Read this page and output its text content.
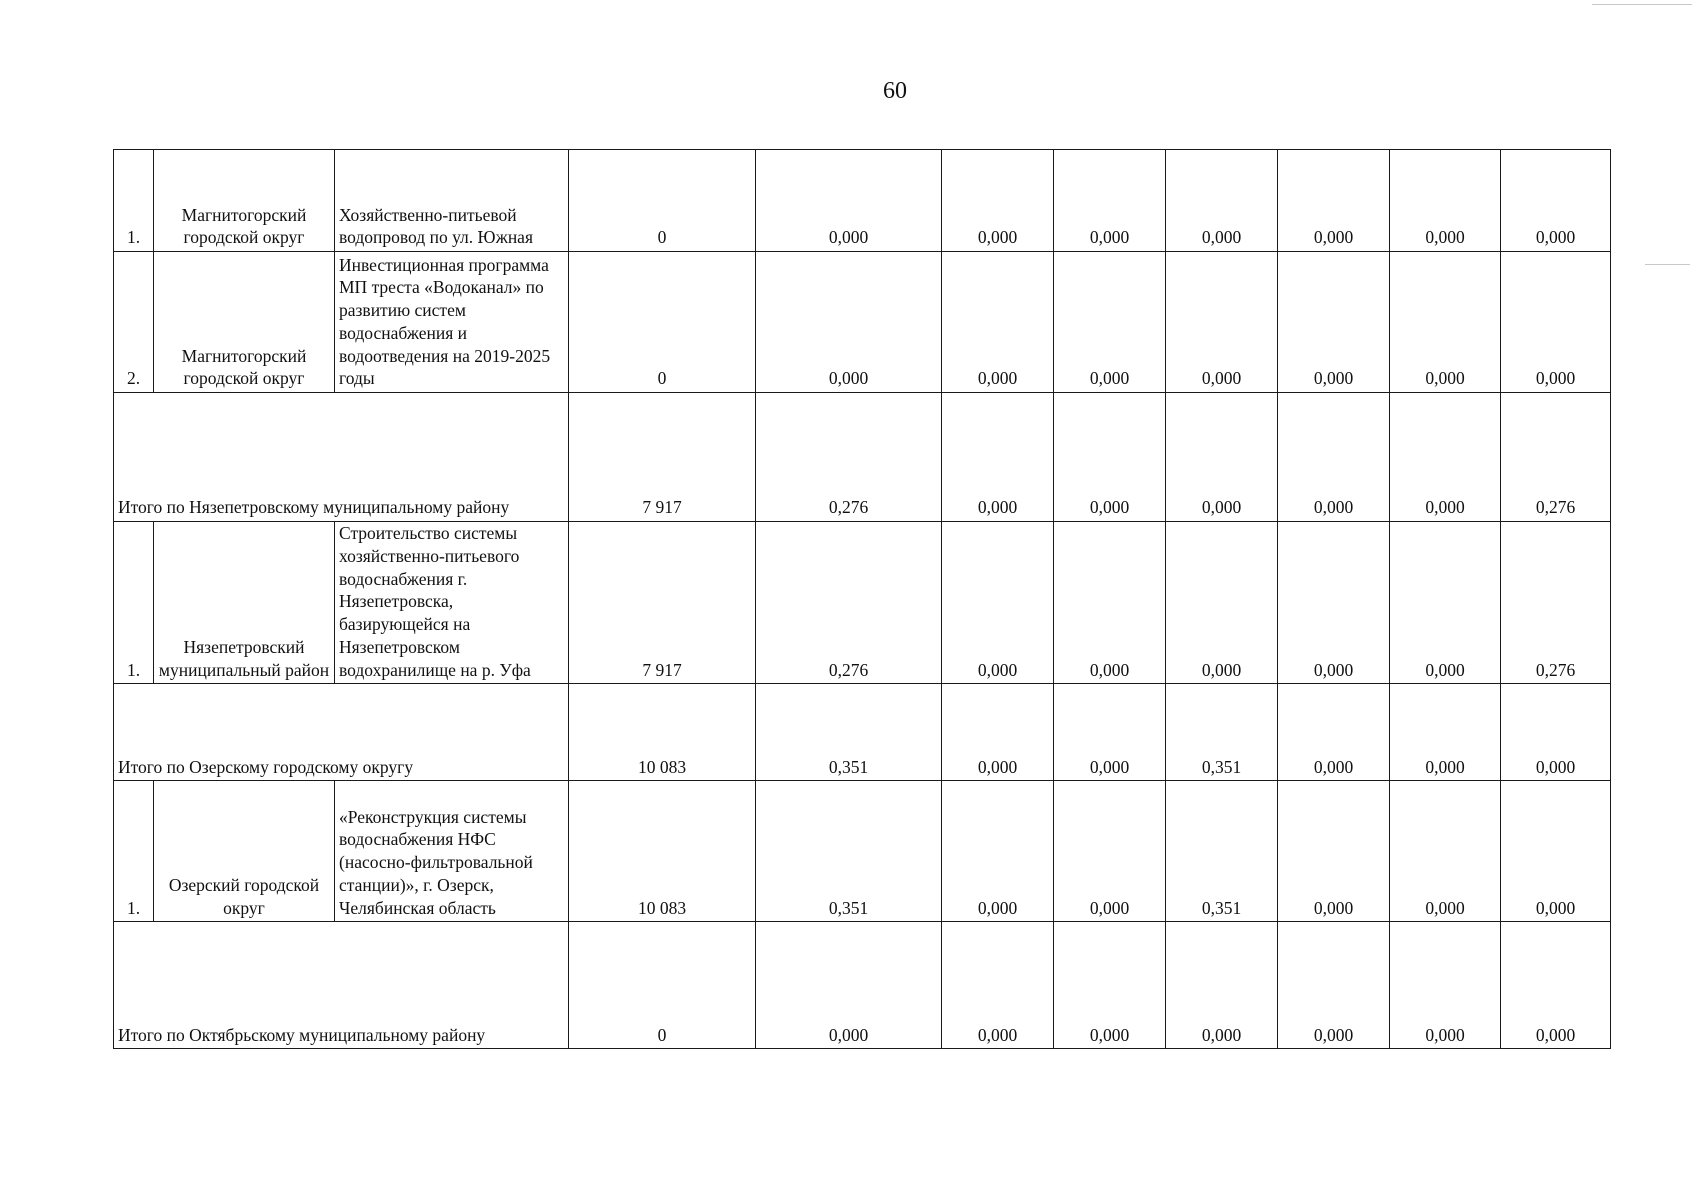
60
1.	Магнитогорский городской округ	Хозяйственно-питьевой водопровод по ул. Южная	0	0,000	0,000	0,000	0,000	0,000	0,000	0,000
2.	Магнитогорский городской округ	Инвестиционная программа МП треста «Водоканал» по развитию систем водоснабжения и водоотведения на 2019-2025 годы	0	0,000	0,000	0,000	0,000	0,000	0,000	0,000
Итого по Нязепетровскому муниципальному району			7 917	0,276	0,000	0,000	0,000	0,000	0,000	0,276
1.	Нязепетровский муниципальный район	Строительство системы хозяйственно-питьевого водоснабжения г. Нязепетровска, базирующейся на Нязепетровском водохранилище на р. Уфа	7 917	0,276	0,000	0,000	0,000	0,000	0,000	0,276
Итого по Озерскому городскому округу			10 083	0,351	0,000	0,000	0,351	0,000	0,000	0,000
1.	Озерский городской округ	«Реконструкция системы водоснабжения НФС (насосно-фильтровальной станции)», г. Озерск, Челябинская область	10 083	0,351	0,000	0,000	0,351	0,000	0,000	0,000
Итого по Октябрьскому муниципальному району			0	0,000	0,000	0,000	0,000	0,000	0,000	0,000
